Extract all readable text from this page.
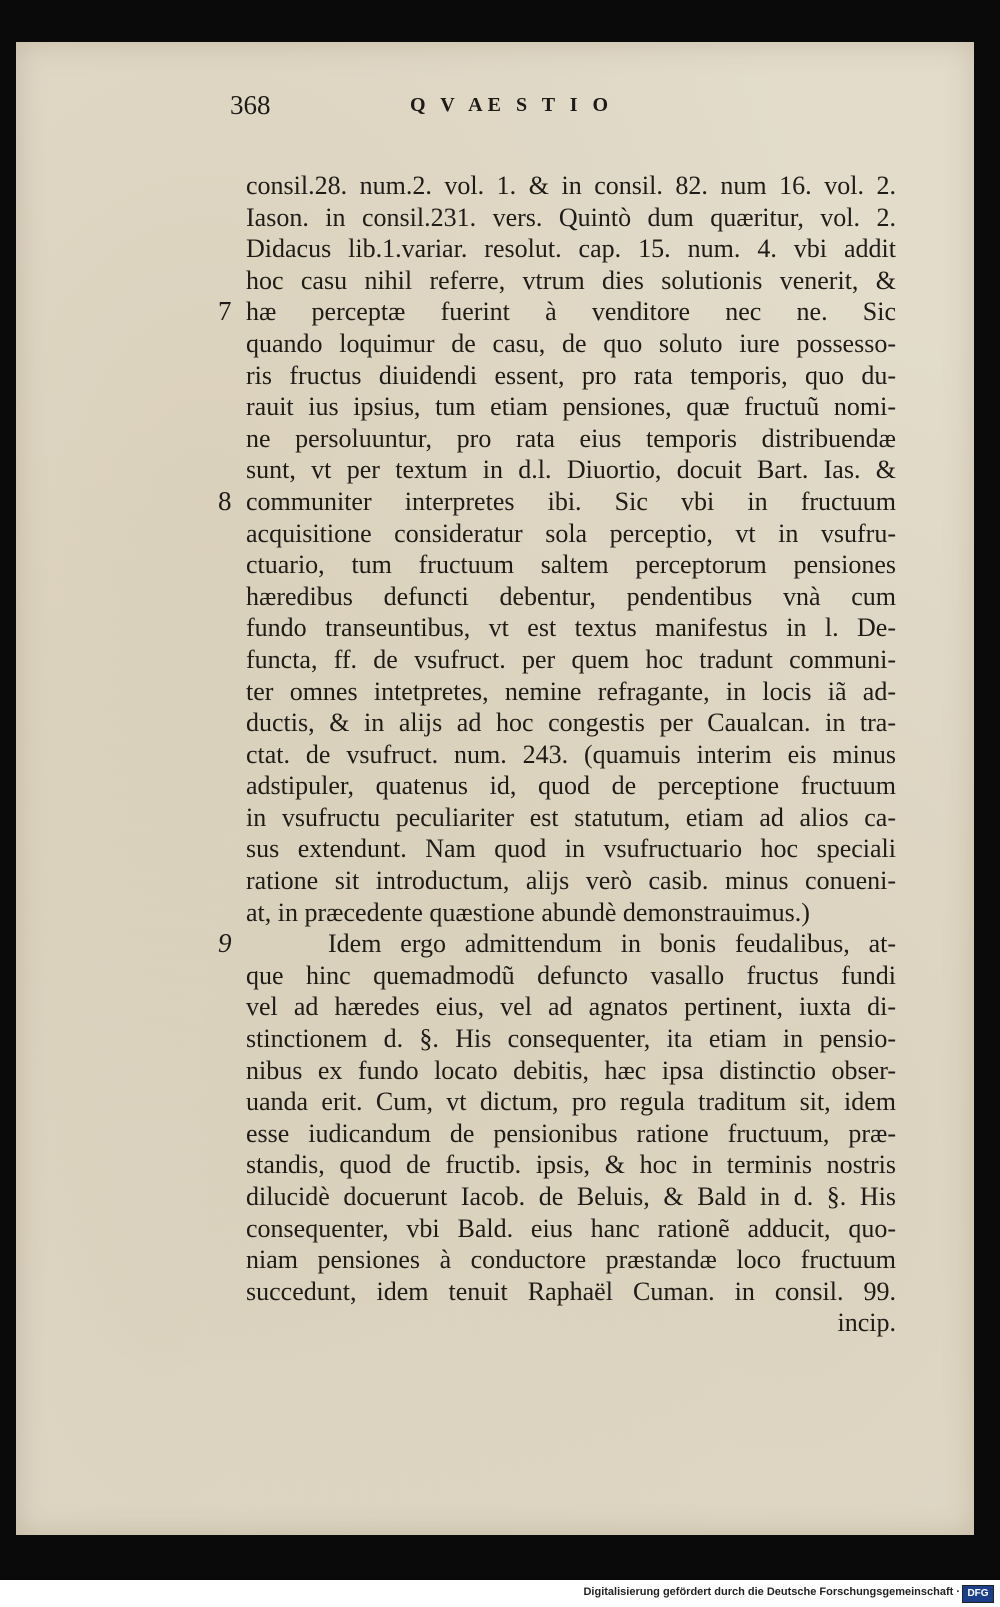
368	Q V AE S T I O
7
8
9
consil.28. num.2. vol. 1. & in consil. 82. num 16. vol. 2.
Iason. in consil.231. vers. Quintò dum quæritur, vol. 2.
Didacus lib.1.variar. resolut. cap. 15. num. 4. vbi addit
hoc casu nihil referre, vtrum dies solutionis venerit, &
hæ perceptæ fuerint à venditore nec ne. Sic
quando loquimur de casu, de quo soluto iure possesso-
ris fructus diuidendi essent, pro rata temporis, quo du-
rauit ius ipsius, tum etiam pensiones, quæ fructuũ nomi-
ne persoluuntur, pro rata eius temporis distribuendæ
sunt, vt per textum in d.l. Diuortio, docuit Bart. Ias. &
communiter interpretes ibi. Sic vbi in fructuum
acquisitione consideratur sola perceptio, vt in vsufru-
ctuario, tum fructuum saltem perceptorum pensiones
hæredibus defuncti debentur, pendentibus vnà cum
fundo transeuntibus, vt est textus manifestus in l. De-
functa, ff. de vsufruct. per quem hoc tradunt communi-
ter omnes intetpretes, nemine refragante, in locis iã ad-
ductis, & in alijs ad hoc congestis per Caualcan. in tra-
ctat. de vsufruct. num. 243. (quamuis interim eis minus
adstipuler, quatenus id, quod de perceptione fructuum
in vsufructu peculiariter est statutum, etiam ad alios ca-
sus extendunt. Nam quod in vsufructuario hoc speciali
ratione sit introductum, alijs verò casib. minus conueni-
at, in præcedente quæstione abundè demonstrauimus.)
Idem ergo admittendum in bonis feudalibus, at-
que hinc quemadmodũ defuncto vasallo fructus fundi
vel ad hæredes eius, vel ad agnatos pertinent, iuxta di-
stinctionem d. §. His consequenter, ita etiam in pensio-
nibus ex fundo locato debitis, hæc ipsa distinctio obser-
uanda erit. Cum, vt dictum, pro regula traditum sit, idem
esse iudicandum de pensionibus ratione fructuum, præ-
standis, quod de fructib. ipsis, & hoc in terminis nostris
dilucidè docuerunt Iacob. de Beluis, & Bald in d. §. His
consequenter, vbi Bald. eius hanc rationẽ adducit, quo-
niam pensiones à conductore præstandæ loco fructuum
succedunt, idem tenuit Raphaël Cuman. in consil. 99.
incip.
Digitalisierung gefördert durch die Deutsche Forschungsgemeinschaft · DFG
